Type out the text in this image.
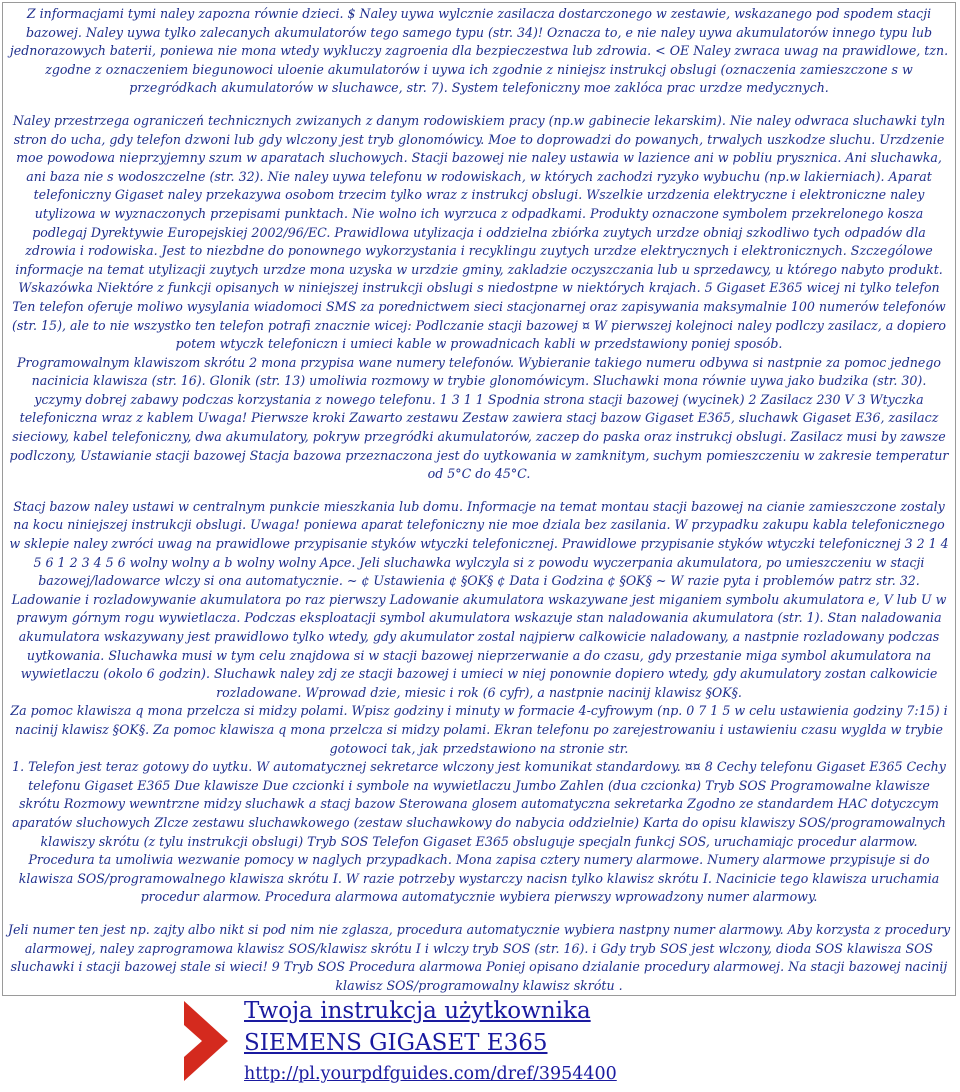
Z informacjami tymi naley zapozna równie dzieci. $ Naley uywa wylcznie zasilacza dostarczonego w zestawie, wskazanego pod spodem stacji bazowej. Naley uywa tylko zalecanych akumulatorów tego samego typu (str. 34)! Oznacza to, e nie naley uywa akumulatorów innego typu lub jednorazowych baterii, poniewa nie mona wtedy wykluczy zagroenia dla bezpieczestwa lub zdrowia. < OE Naley zwraca uwag na prawidlowe, tzn. zgodne z oznaczeniem biegunowoci uloenie akumulatorów i uywa ich zgodnie z niniejsz instrukcj obslugi (oznaczenia zamieszczone s w przegródkach akumulatorów w sluchawce, str. 7). System telefoniczny moe zaklóca prac urzdze medycznych.

Naley przestrzega ograniczeń technicznych zwizanych z danym rodowiskiem pracy (np.w gabinecie lekarskim). Nie naley odwraca sluchawki tyln stron do ucha, gdy telefon dzwoni lub gdy wlczony jest tryb glonomówicy. Moe to doprowadzi do powanych, trwalych uszkodze sluchu. Urzdzenie moe powodowa nieprzyjemny szum w aparatach sluchowych. Stacji bazowej nie naley ustawia w lazience ani w pobliu prysznica. Ani sluchawka, ani baza nie s wodoszczelne (str. 32). Nie naley uywa telefonu w rodowiskach, w których zachodzi ryzyko wybuchu (np.w lakierniach). Aparat telefoniczny Gigaset naley przekazywa osobom trzecim tylko wraz z instrukcj obslugi. Wszelkie urzdzenia elektryczne i elektroniczne naley utylizowa w wyznaczonych przepisami punktach. Nie wolno ich wyrzuca z odpadkami. Produkty oznaczone symbolem przekrelonego kosza podlegaj Dyrektywie Europejskiej 2002/96/EC. Prawidlowa utylizacja i oddzielna zbiórka zuytych urzdze obniaj szkodliwo tych odpadów dla zdrowia i rodowiska. Jest to niezbdne do ponownego wykorzystania i recyklingu zuytych urzdze elektrycznych i elektronicznych. Szczególowe informacje na temat utylizacji zuytych urzdze mona uzyska w urzdzie gminy, zakladzie oczyszczania lub u sprzedawcy, u którego nabyto produkt. Wskazówka Niektóre z funkcji opisanych w niniejszej instrukcji obslugi s niedostpne w niektórych krajach. 5 Gigaset E365 wicej ni tylko telefon Ten telefon oferuje moliwo wysylania wiadomoci SMS za porednictwem sieci stacjonarnej oraz zapisywania maksymalnie 100 numerów telefonów (str. 15), ale to nie wszystko ten telefon potrafi znacznie wicej: Podlczanie stacji bazowej ¤ W pierwszej kolejnoci naley podlczy zasilacz, a dopiero potem wtyczk telefoniczn i umieci kable w prowadnicach kabli w przedstawiony poniej sposób.

Programowalnym klawiszom skrótu 2 mona przypisa wane numery telefonów. Wybieranie takiego numeru odbywa si nastpnie za pomoc jednego nacinicia klawisza (str. 16). Glonik (str. 13) umoliwia rozmowy w trybie glonomówicym. Sluchawki mona równie uywa jako budzika (str. 30). yczymy dobrej zabawy podczas korzystania z nowego telefonu. 1 3 1 1 Spodnia strona stacji bazowej (wycinek) 2 Zasilacz 230 V 3 Wtyczka telefoniczna wraz z kablem Uwaga! Pierwsze kroki Zawarto zestawu Zestaw zawiera stacj bazow Gigaset E365, sluchawk Gigaset E36, zasilacz sieciowy, kabel telefoniczny, dwa akumulatory, pokryw przegródki akumulatorów, zaczep do paska oraz instrukcj obslugi. Zasilacz musi by zawsze podlczony, Ustawianie stacji bazowej Stacja bazowa przeznaczona jest do uytkowania w zamknitym, suchym pomieszczeniu w zakresie temperatur od 5°C do 45°C.

Stacj bazow naley ustawi w centralnym punkcie mieszkania lub domu. Informacje na temat montau stacji bazowej na cianie zamieszczone zostaly na kocu niniejszej instrukcji obslugi. Uwaga! poniewa aparat telefoniczny nie moe dziala bez zasilania. W przypadku zakupu kabla telefonicznego w sklepie naley zwróci uwag na prawidlowe przypisanie styków wtyczki telefonicznej. Prawidlowe przypisanie styków wtyczki telefonicznej 3 2 1 4 5 6 1 2 3 4 5 6 wolny wolny a b wolny wolny Apce. Jeli sluchawka wylczyla si z powodu wyczerpania akumulatora, po umieszczeniu w stacji bazowej/ladowarce wlczy si ona automatycznie. ~ ¢ Ustawienia ¢ §OK§ ¢ Data i Godzina ¢ §OK§ ~ W razie pyta i problemów patrz str. 32. Ladowanie i rozladowywanie akumulatora po raz pierwszy Ladowanie akumulatora wskazywane jest miganiem symbolu akumulatora e, V lub U w prawym górnym rogu wywietlacza. Podczas eksploatacji symbol akumulatora wskazuje stan naladowania akumulatora (str. 1). Stan naladowania akumulatora wskazywany jest prawidlowo tylko wtedy, gdy akumulator zostal najpierw calkowicie naladowany, a nastpnie rozladowany podczas uytkowania. Sluchawka musi w tym celu znajdowa si w stacji bazowej nieprzerwanie a do czasu, gdy przestanie miga symbol akumulatora na wywietlaczu (okolo 6 godzin). Sluchawk naley zdj ze stacji bazowej i umieci w niej ponownie dopiero wtedy, gdy akumulatory zostan calkowicie rozladowane. Wprowad dzie, miesic i rok (6 cyfr), a nastpnie nacinij klawisz §OK§.

Za pomoc klawisza q mona przelcza si midzy polami. Wpisz godziny i minuty w formacie 4-cyfrowym (np. 0 7 1 5 w celu ustawienia godziny 7:15) i nacinij klawisz §OK§. Za pomoc klawisza q mona przelcza si midzy polami. Ekran telefonu po zarejestrowaniu i ustawieniu czasu wyglda w trybie gotowoci tak, jak przedstawiono na stronie str.

1. Telefon jest teraz gotowy do uytku. W automatycznej sekretarce wlczony jest komunikat standardowy. ¤¤ 8 Cechy telefonu Gigaset E365 Cechy telefonu Gigaset E365 Due klawisze Due czcionki i symbole na wywietlaczu Jumbo Zahlen (dua czcionka) Tryb SOS Programowalne klawisze skrótu Rozmowy wewntrzne midzy sluchawk a stacj bazow Sterowana glosem automatyczna sekretarka Zgodno ze standardem HAC dotyczcym aparatów sluchowych Zlcze zestawu sluchawkowego (zestaw sluchawkowy do nabycia oddzielnie) Karta do opisu klawiszy SOS/programowalnych klawiszy skrótu (z tylu instrukcji obslugi) Tryb SOS Telefon Gigaset E365 obsluguje specjaln funkcj SOS, uruchamiajc procedur alarmow. Procedura ta umoliwia wezwanie pomocy w naglych przypadkach. Mona zapisa cztery numery alarmowe. Numery alarmowe przypisuje si do klawisza SOS/programowalnego klawisza skrótu I. W razie potrzeby wystarczy nacisn tylko klawisz skrótu I. Nacinicie tego klawisza uruchamia procedur alarmow. Procedura alarmowa automatycznie wybiera pierwszy wprowadzony numer alarmowy.

Jeli numer ten jest np. zajty albo nikt si pod nim nie zglasza, procedura automatycznie wybiera nastpny numer alarmowy. Aby korzysta z procedury alarmowej, naley zaprogramowa klawisz SOS/klawisz skrótu I i wlczy tryb SOS (str. 16). i Gdy tryb SOS jest wlczony, dioda SOS klawisza SOS sluchawki i stacji bazowej stale si wieci! 9 Tryb SOS Procedura alarmowa Poniej opisano dzialanie procedury alarmowej. Na stacji bazowej nacinij klawisz SOS/programowalny klawisz skrótu .

Twoja instrukcja użytkownika
SIEMENS GIGASET E365
http://pl.yourpdfguides.com/dref/3954400
